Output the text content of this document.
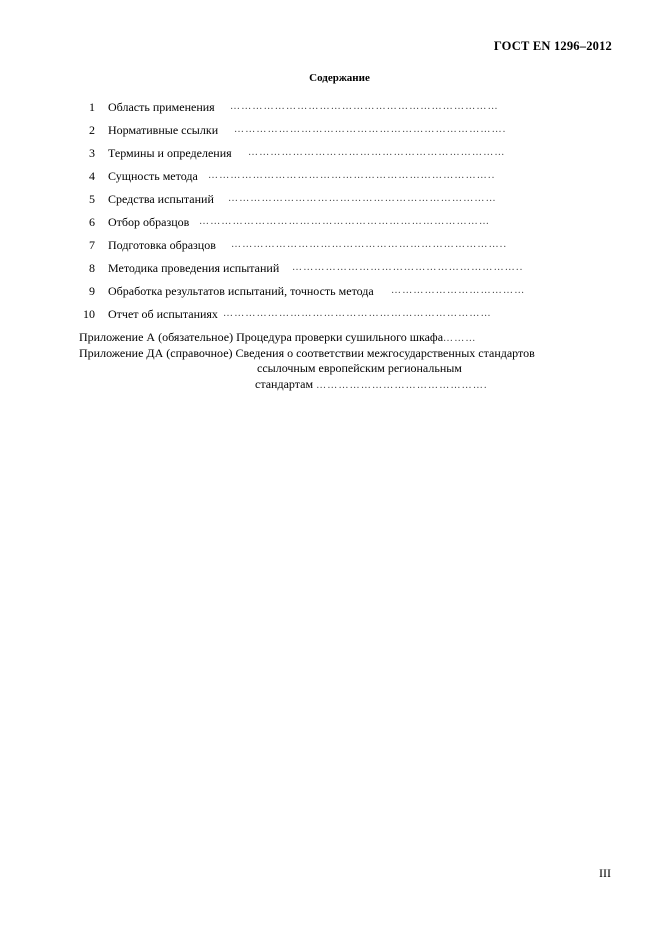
ГОСТ EN 1296–2012
Содержание
1 Область применения ………………………………………………………………
2 Нормативные ссылки ……………………………………………………………….
3 Термины и определения ……………………………………………………………
4 Сущность метода …………………………………………………………………..
5 Средства испытаний ………………………………………………………………
6 Отбор образцов ……………………………………………………………………
7 Подготовка образцов ………………………………………………………………..
8 Методика проведения испытаний ……………………………………………………..
9 Обработка результатов испытаний, точность метода ………………………………
10 Отчет об испытаниях ………………………………………………………………
Приложение А (обязательное) Процедура проверки сушильного шкафа………
Приложение ДА (справочное) Сведения о соответствии межгосударственных стандартов
ссылочным европейским региональным
стандартам ……………………………………….
III
